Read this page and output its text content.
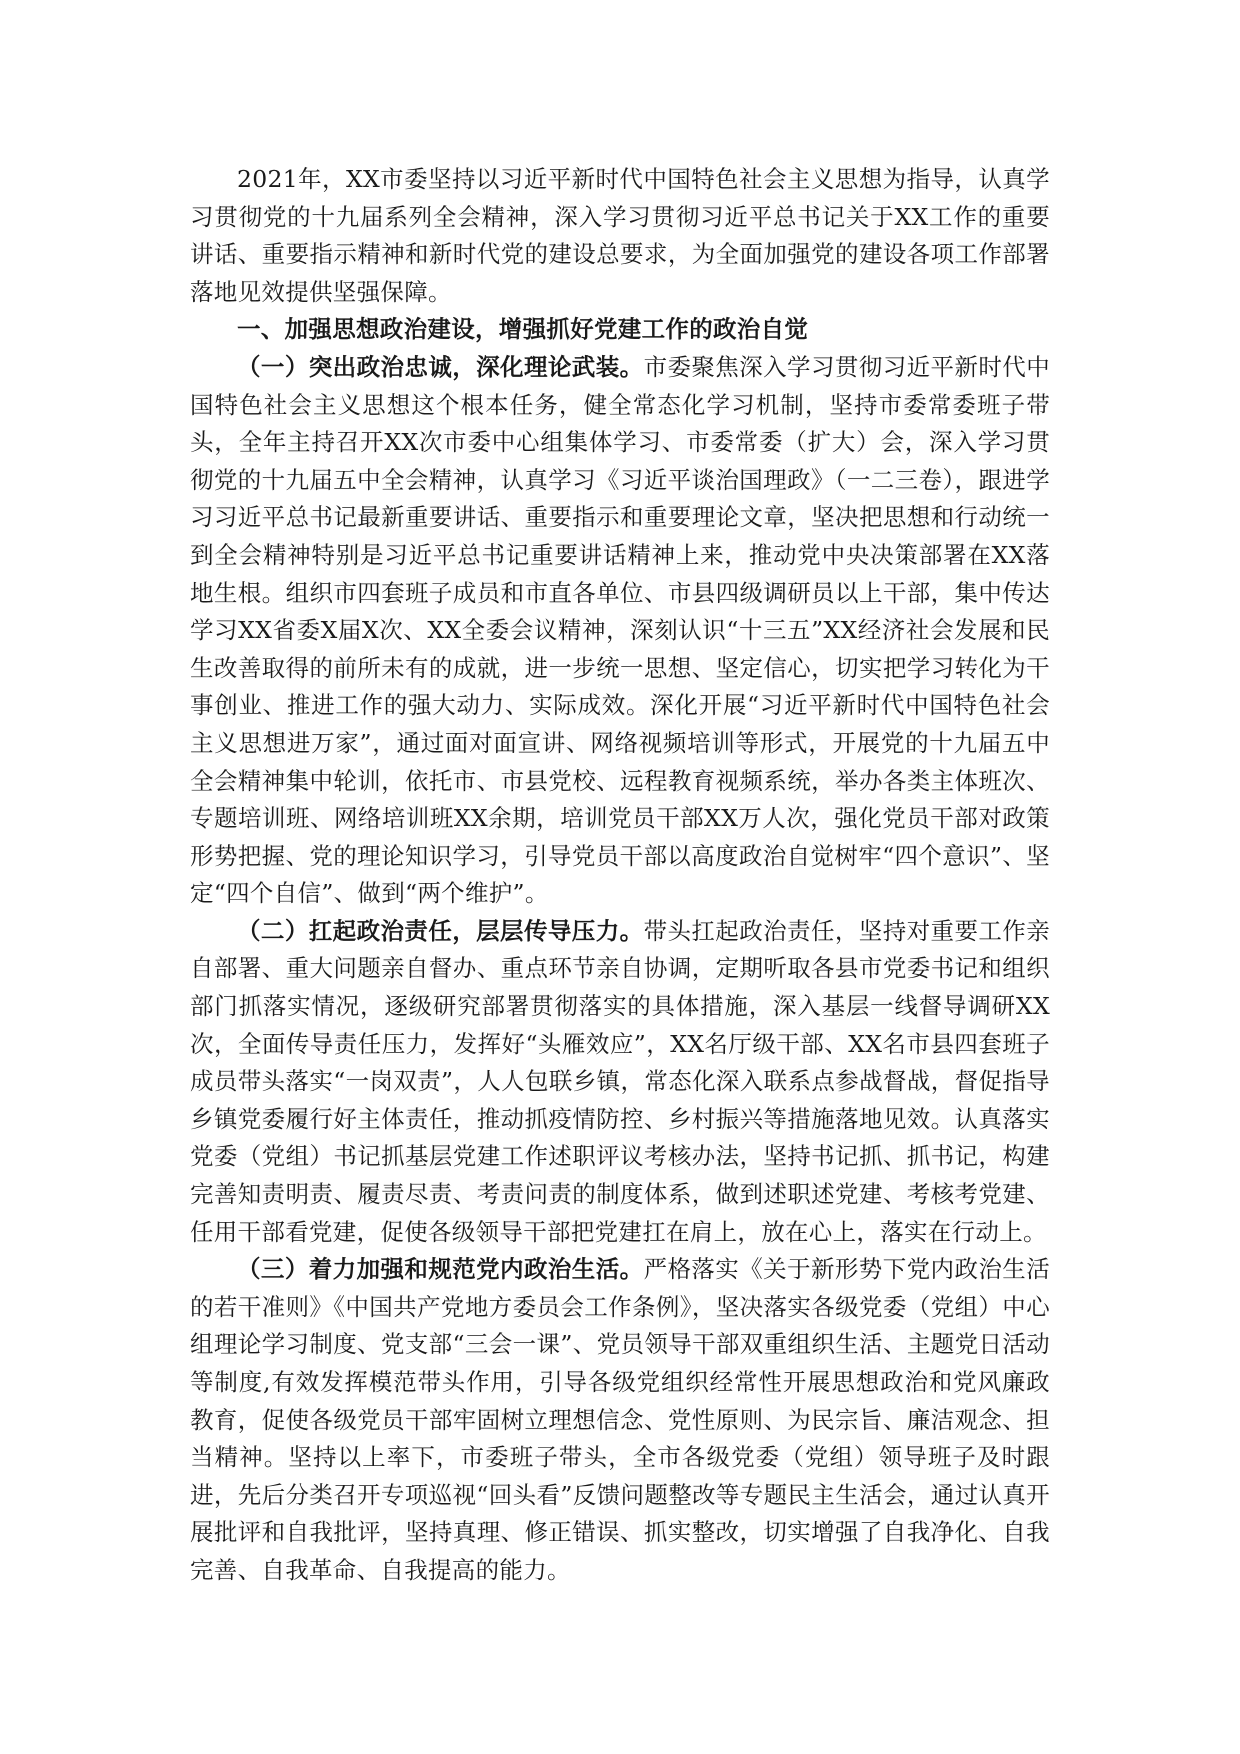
2021年，XX市委坚持以习近平新时代中国特色社会主义思想为指导，认真学习贯彻党的十九届系列全会精神，深入学习贯彻习近平总书记关于XX工作的重要讲话、重要指示精神和新时代党的建设总要求，为全面加强党的建设各项工作部署落地见效提供坚强保障。

一、加强思想政治建设，增强抓好党建工作的政治自觉

（一）突出政治忠诚，深化理论武装。市委聚焦深入学习贯彻习近平新时代中国特色社会主义思想这个根本任务，健全常态化学习机制，坚持市委常委班子带头，全年主持召开XX次市委中心组集体学习、市委常委（扩大）会，深入学习贯彻党的十九届五中全会精神，认真学习《习近平谈治国理政》（一二三卷），跟进学习习近平总书记最新重要讲话、重要指示和重要理论文章，坚决把思想和行动统一到全会精神特别是习近平总书记重要讲话精神上来，推动党中央决策部署在XX落地生根。组织市四套班子成员和市直各单位、市县四级调研员以上干部，集中传达学习XX省委X届X次、XX全委会议精神，深刻认识“十三五”XX经济社会发展和民生改善取得的前所未有的成就，进一步统一思想、坚定信心，切实把学习转化为干事创业、推进工作的强大动力、实际成效。深化开展“习近平新时代中国特色社会主义思想进万家”，通过面对面宣讲、网络视频培训等形式，开展党的十九届五中全会精神集中轮训，依托市、市县党校、远程教育视频系统，举办各类主体班次、专题培训班、网络培训班XX余期，培训党员干部XX万人次，强化党员干部对政策形势把握、党的理论知识学习，引导党员干部以高度政治自觉树牢“四个意识”、坚定“四个自信”、做到“两个维护”。

（二）扛起政治责任，层层传导压力。带头扛起政治责任，坚持对重要工作亲自部署、重大问题亲自督办、重点环节亲自协调，定期听取各县市党委书记和组织部门抓落实情况，逐级研究部署贯彻落实的具体措施，深入基层一线督导调研XX次，全面传导责任压力，发挥好“头雁效应”，XX名厅级干部、XX名市县四套班子成员带头落实“一岗双责”，人人包联乡镇，常态化深入联系点参战督战，督促指导乡镇党委履行好主体责任，推动抓疫情防控、乡村振兴等措施落地见效。认真落实党委（党组）书记抓基层党建工作述职评议考核办法，坚持书记抓、抓书记，构建完善知责明责、履责尽责、考责问责的制度体系，做到述职述党建、考核考党建、任用干部看党建，促使各级领导干部把党建扛在肩上，放在心上，落实在行动上。

（三）着力加强和规范党内政治生活。严格落实《关于新形势下党内政治生活的若干准则》《中国共产党地方委员会工作条例》，坚决落实各级党委（党组）中心组理论学习制度、党支部“三会一课”、党员领导干部双重组织生活、主题党日活动等制度,有效发挥模范带头作用，引导各级党组织经常性开展思想政治和党风廉政教育，促使各级党员干部牢固树立理想信念、党性原则、为民宗旨、廉洁观念、担当精神。坚持以上率下，市委班子带头，全市各级党委（党组）领导班子及时跟进，先后分类召开专项巡视“回头看”反馈问题整改等专题民主生活会，通过认真开展批评和自我批评，坚持真理、修正错误、抓实整改，切实增强了自我净化、自我完善、自我革命、自我提高的能力。
